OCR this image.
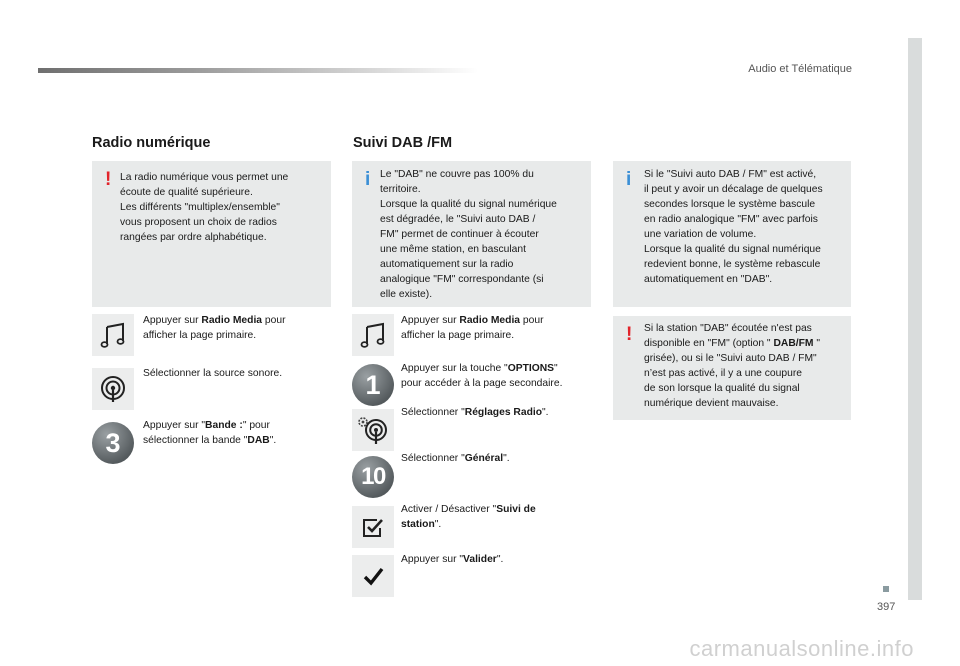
Audio et Télématique
397
carmanualsonline.info
Radio numérique
! La radio numérique vous permet une
écoute de qualité supérieure.
Les différents "multiplex/ensemble"
vous proposent un choix de radios
rangées par ordre alphabétique.
Appuyer sur Radio Media pour
afficher la page primaire.
Sélectionner la source sonore.
3
Appuyer sur "Bande :" pour
sélectionner la bande "DAB".
Suivi DAB /FM
i Le "DAB" ne couvre pas 100% du
territoire.
Lorsque la qualité du signal numérique
est dégradée, le "Suivi auto DAB /
FM" permet de continuer à écouter
une même station, en basculant
automatiquement sur la radio
analogique "FM" correspondante (si
elle existe).
Appuyer sur Radio Media pour
afficher la page primaire.
1
Appuyer sur la touche "OPTIONS"
pour accéder à la page secondaire.
Sélectionner "Réglages Radio".
10
Sélectionner "Général".
Activer / Désactiver "Suivi de
station".
Appuyer sur "Valider".
i Si le "Suivi auto DAB / FM" est activé,
il peut y avoir un décalage de quelques
secondes lorsque le système bascule
en radio analogique "FM" avec parfois
une variation de volume.
Lorsque la qualité du signal numérique
redevient bonne, le système rebascule
automatiquement en "DAB".
! Si la station "DAB" écoutée n'est pas
disponible en "FM" (option " DAB/FM "
grisée), ou si le "Suivi auto DAB / FM"
n’est pas activé, il y a une coupure
de son lorsque la qualité du signal
numérique devient mauvaise.
